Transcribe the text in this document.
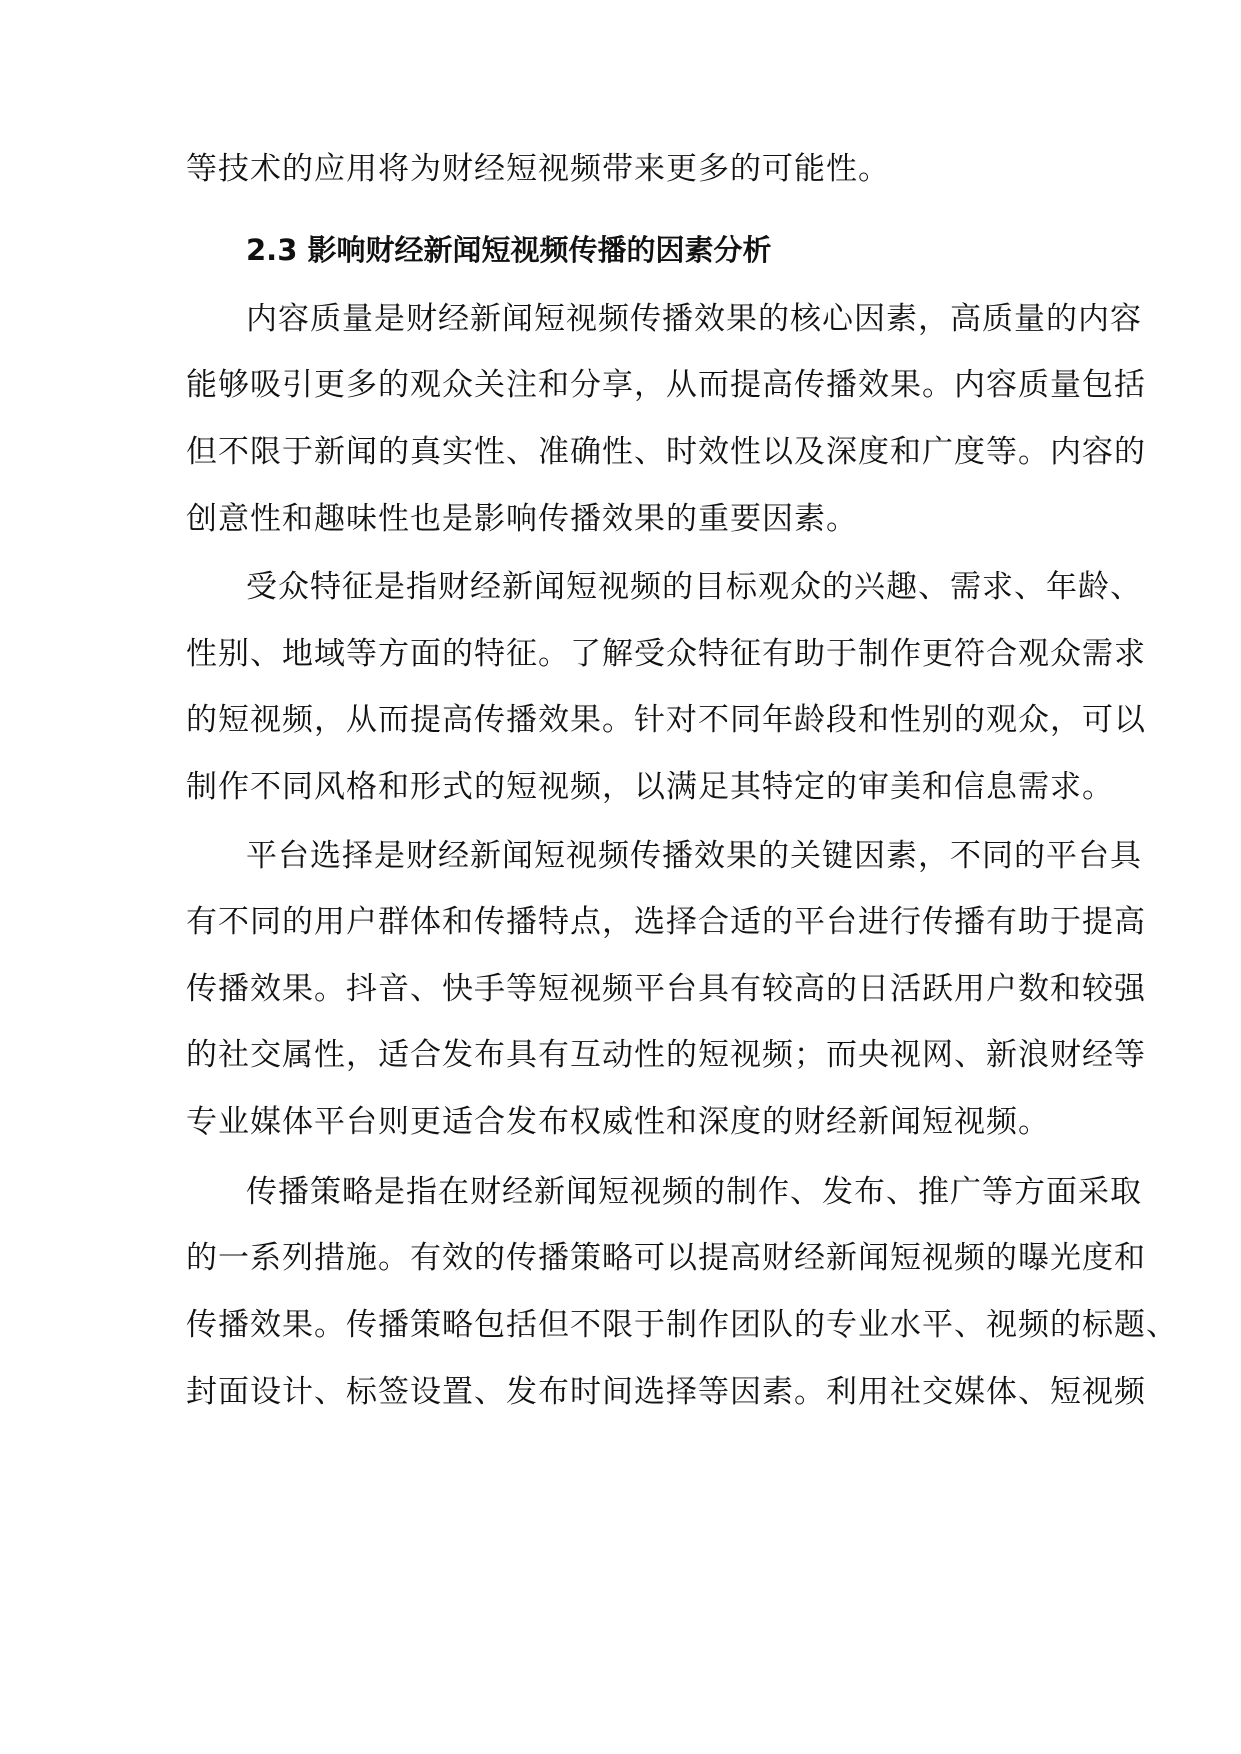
等技术的应用将为财经短视频带来更多的可能性。
2.3 影响财经新闻短视频传播的因素分析
内容质量是财经新闻短视频传播效果的核心因素，高质量的内容
能够吸引更多的观众关注和分享，从而提高传播效果。内容质量包括
但不限于新闻的真实性、准确性、时效性以及深度和广度等。内容的
创意性和趣味性也是影响传播效果的重要因素。
受众特征是指财经新闻短视频的目标观众的兴趣、需求、年龄、
性别、地域等方面的特征。了解受众特征有助于制作更符合观众需求
的短视频，从而提高传播效果。针对不同年龄段和性别的观众，可以
制作不同风格和形式的短视频，以满足其特定的审美和信息需求。
平台选择是财经新闻短视频传播效果的关键因素，不同的平台具
有不同的用户群体和传播特点，选择合适的平台进行传播有助于提高
传播效果。抖音、快手等短视频平台具有较高的日活跃用户数和较强
的社交属性，适合发布具有互动性的短视频；而央视网、新浪财经等
专业媒体平台则更适合发布权威性和深度的财经新闻短视频。
传播策略是指在财经新闻短视频的制作、发布、推广等方面采取
的一系列措施。有效的传播策略可以提高财经新闻短视频的曝光度和
传播效果。传播策略包括但不限于制作团队的专业水平、视频的标题、
封面设计、标签设置、发布时间选择等因素。利用社交媒体、短视频
